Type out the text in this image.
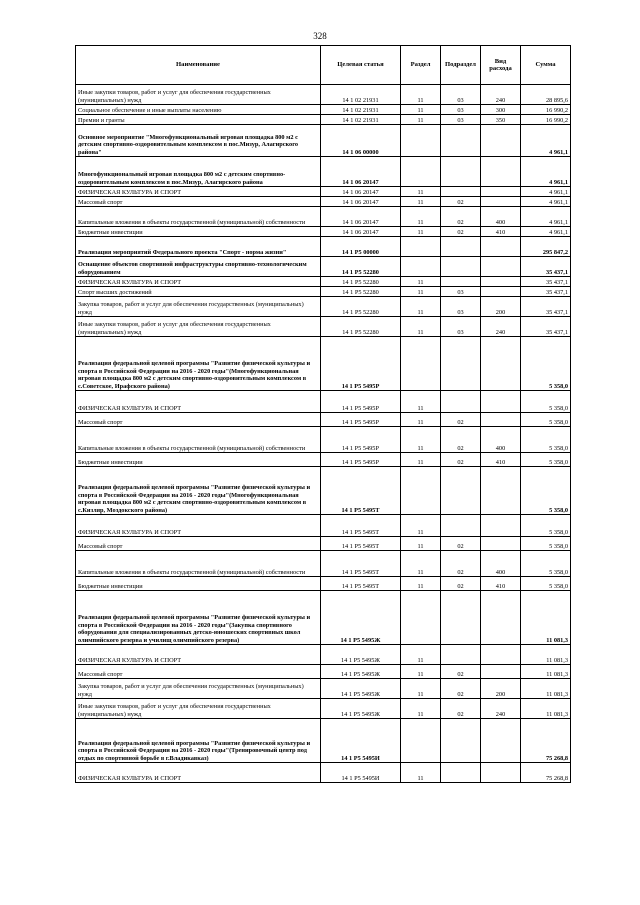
328
Наименование	Целевая статья	Раздел	Подраздел	Вид расхода	Сумма
Иные закупки товаров, работ и услуг для обеспечения государственных (муниципальных) нужд	14 1 02 21931	11	03	240	28 895,6
Социальное обеспечение и иные выплаты населению	14 1 02 21931	11	03	300	16 990,2
Премии и гранты	14 1 02 21931	11	03	350	16 990,2
Основное мероприятие "Многофункциональный игровая площадка 800 м2 с детским спортивно-оздоровительным комплексом в пос.Мизур, Алагирского района"	14 1 06 00000				4 961,1
Многофункциональный игровая площадка 800 м2 с детским спортивно-оздоровительным комплексом в пос.Мизур, Алагирского района	14 1 06 20147				4 961,1
ФИЗИЧЕСКАЯ КУЛЬТУРА И СПОРТ	14 1 06 20147	11			4 961,1
Массовый спорт	14 1 06 20147	11	02		4 961,1
Капитальные вложения в объекты государственной (муниципальной) собственности	14 1 06 20147	11	02	400	4 961,1
Бюджетные инвестиции	14 1 06 20147	11	02	410	4 961,1
Реализация мероприятий Федерального проекта "Спорт - норма жизни"	14 1 P5 00000				295 847,2
Оснащение объектов спортивной инфраструктуры спортивно-технологическим оборудованием	14 1 P5 52280				35 437,1
ФИЗИЧЕСКАЯ КУЛЬТУРА И СПОРТ	14 1 P5 52280	11			35 437,1
Спорт высших достижений	14 1 P5 52280	11	03		35 437,1
Закупка товаров, работ и услуг для обеспечения государственных (муниципальных) нужд	14 1 P5 52280	11	03	200	35 437,1
Иные закупки товаров, работ и услуг для обеспечения государственных (муниципальных) нужд	14 1 P5 52280	11	03	240	35 437,1
Реализация федеральной целевой программы "Развитие физической культуры и спорта в Российской Федерации на 2016 - 2020 годы"(Многофункциональная игровая площадка 800 м2 с детским спортивно-оздоровительным комплексом в с.Советское, Ирафского района)	14 1 P5 5495P				5 358,0
ФИЗИЧЕСКАЯ КУЛЬТУРА И СПОРТ	14 1 P5 5495P	11			5 358,0
Массовый спорт	14 1 P5 5495P	11	02		5 358,0
Капитальные вложения в объекты государственной (муниципальной) собственности	14 1 P5 5495P	11	02	400	5 358,0
Бюджетные инвестиции	14 1 P5 5495P	11	02	410	5 358,0
Реализация федеральной целевой программы "Развитие физической культуры и спорта в Российской Федерации на 2016 - 2020 годы"(Многофункциональная игровая площадка 800 м2 с детским спортивно-оздоровительным комплексом в с.Кизляр, Моздокского района)	14 1 P5 5495T				5 358,0
ФИЗИЧЕСКАЯ КУЛЬТУРА И СПОРТ	14 1 P5 5495T	11			5 358,0
Массовый спорт	14 1 P5 5495T	11	02		5 358,0
Капитальные вложения в объекты государственной (муниципальной) собственности	14 1 P5 5495T	11	02	400	5 358,0
Бюджетные инвестиции	14 1 P5 5495T	11	02	410	5 358,0
Реализация федеральной целевой программы "Развитие физической культуры и спорта в Российской Федерации на 2016 - 2020 годы"(Закупка спортивного оборудования для специализированных детско-юношеских спортивных школ олимпийского резерва и училищ олимпийского резерва)	14 1 P5 5495Ж				11 081,3
ФИЗИЧЕСКАЯ КУЛЬТУРА И СПОРТ	14 1 P5 5495Ж	11			11 081,3
Массовый спорт	14 1 P5 5495Ж	11	02		11 081,3
Закупка товаров, работ и услуг для обеспечения государственных (муниципальных) нужд	14 1 P5 5495Ж	11	02	200	11 081,3
Иные закупки товаров, работ и услуг для обеспечения государственных (муниципальных) нужд	14 1 P5 5495Ж	11	02	240	11 081,3
Реализация федеральной целевой программы "Развитие физической культуры и спорта в Российской Федерации на 2016 - 2020 годы"(Тренировочный центр под отдых по спортивной борьбе в г.Владикавказ)	14 1 P5 5495И				75 268,8
ФИЗИЧЕСКАЯ КУЛЬТУРА И СПОРТ	14 1 P5 5495И	11			75 268,8
